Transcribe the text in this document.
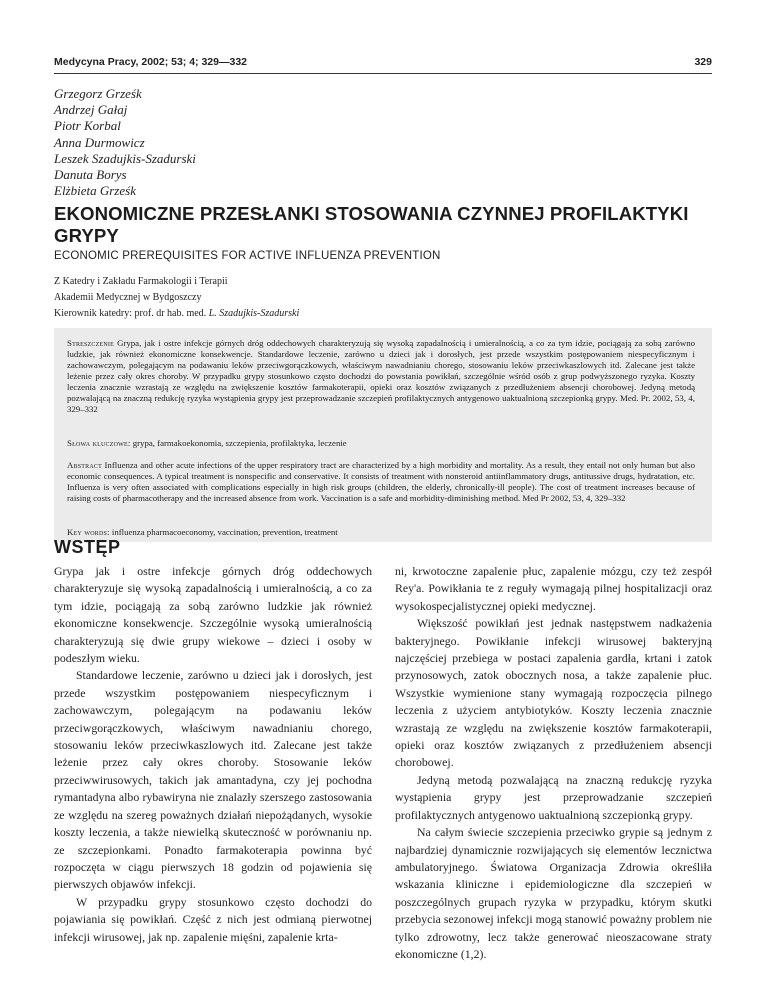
Medycyna Pracy, 2002; 53; 4; 329—332	329
Grzegorz Grześk
Andrzej Gałaj
Piotr Korbal
Anna Durmowicz
Leszek Szadujkis-Szadurski
Danuta Borys
Elżbieta Grześk
EKONOMICZNE PRZESŁANKI STOSOWANIA CZYNNEJ PROFILAKTYKI GRYPY
ECONOMIC PREREQUISITES FOR ACTIVE INFLUENZA PREVENTION
Z Katedry i Zakładu Farmakologii i Terapii
Akademii Medycznej w Bydgoszczy
Kierownik katedry: prof. dr hab. med. L. Szadujkis-Szadurski
Streszczenie Grypa, jak i ostre infekcje górnych dróg oddechowych charakteryzują się wysoką zapadalnością i umieralnością, a co za tym idzie, pociągają za sobą zarówno ludzkie, jak również ekonomiczne konsekwencje. Standardowe leczenie, zarówno u dzieci jak i dorosłych, jest przede wszystkim postępowaniem niespecyficznym i zachowawczym, polegającym na podawaniu leków przeciwgorączkowych, właściwym nawadnianiu chorego, stosowaniu leków przeciwkaszlowych itd. Zalecane jest także leżenie przez cały okres choroby. W przypadku grypy stosunkowo często dochodzi do powstania powikłań, szczególnie wśród osób z grup podwyższonego ryzyka. Koszty leczenia znacznie wzrastają ze względu na zwiększenie kosztów farmakoterapii, opieki oraz kosztów związanych z przedłużeniem absencji chorobowej. Jedyną metodą pozwalającą na znaczną redukcję ryzyka wystąpienia grypy jest przeprowadzanie szczepień profilaktycznych antygenowo uaktualnioną szczepionką grypy. Med. Pr. 2002, 53, 4, 329–332
Słowa kluczowe: grypa, farmakoekonomia, szczepienia, profilaktyka, leczenie
Abstract Influenza and other acute infections of the upper respiratory tract are characterized by a high morbidity and mortality. As a result, they entail not only human but also economic consequences. A typical treatment is nonspecific and conservative. It consists of treatment with nonsteroid antiinflammatory drugs, antitussive drugs, hydratation, etc. Influenza is very often associated with complications especially in high risk groups (children, the elderly, chronically-ill people). The cost of treatment increases because of raising costs of pharmacotherapy and the increased absence from work. Vaccination is a safe and morbidity-diminishing method. Med Pr 2002, 53, 4, 329–332
Key words: influenza pharmacoeconomy, vaccination, prevention, treatment
WSTĘP

Grypa jak i ostre infekcje górnych dróg oddechowych charakteryzuje się wysoką zapadalnością i umieralnością, a co za tym idzie, pociągają za sobą zarówno ludzkie jak również ekonomiczne konsekwencje. Szczególnie wysoką umieralnością charakteryzują się dwie grupy wiekowe – dzieci i osoby w podeszłym wieku.

Standardowe leczenie, zarówno u dzieci jak i dorosłych, jest przede wszystkim postępowaniem niespecyficznym i zachowawczym, polegającym na podawaniu leków przeciwgorączkowych, właściwym nawadnianiu chorego, stosowaniu leków przeciwkaszlowych itd. Zalecane jest także leżenie przez cały okres choroby. Stosowanie leków przeciwwirusowych, takich jak amantadyna, czy jej pochodna rymantadyna albo rybawiryna nie znalazły szerszego zastosowania ze względu na szereg poważnych działań niepożądanych, wysokie koszty leczenia, a także niewielką skuteczność w porównaniu np. ze szczepionkami. Ponadto farmakoterapia powinna być rozpoczęta w ciągu pierwszych 18 godzin od pojawienia się pierwszych objawów infekcji.

W przypadku grypy stosunkowo często dochodzi do pojawiania się powikłań. Część z nich jest odmianą pierwotnej infekcji wirusowej, jak np. zapalenie mięśni, zapalenie krta-

ni, krwotoczne zapalenie płuc, zapalenie mózgu, czy też zespół Rey'a. Powikłania te z reguły wymagają pilnej hospitalizacji oraz wysokospecjalistycznej opieki medycznej.

Większość powikłań jest jednak następstwem nadkażenia bakteryjnego. Powikłanie infekcji wirusowej bakteryjną najczęściej przebiega w postaci zapalenia gardła, krtani i zatok przynosowych, zatok obocznych nosa, a także zapalenie płuc. Wszystkie wymienione stany wymagają rozpoczęcia pilnego leczenia z użyciem antybiotyków. Koszty leczenia znacznie wzrastają ze względu na zwiększenie kosztów farmakoterapii, opieki oraz kosztów związanych z przedłużeniem absencji chorobowej.

Jedyną metodą pozwalającą na znaczną redukcję ryzyka wystąpienia grypy jest przeprowadzanie szczepień profilaktycznych antygenowo uaktualnioną szczepionką grypy.

Na całym świecie szczepienia przeciwko grypie są jednym z najbardziej dynamicznie rozwijających się elementów lecznictwa ambulatoryjnego. Światowa Organizacja Zdrowia określiła wskazania kliniczne i epidemiologiczne dla szczepień w poszczególnych grupach ryzyka w przypadku, którym skutki przebycia sezonowej infekcji mogą stanowić poważny problem nie tylko zdrowotny, lecz także generować nieoszacowane straty ekonomiczne (1,2).
